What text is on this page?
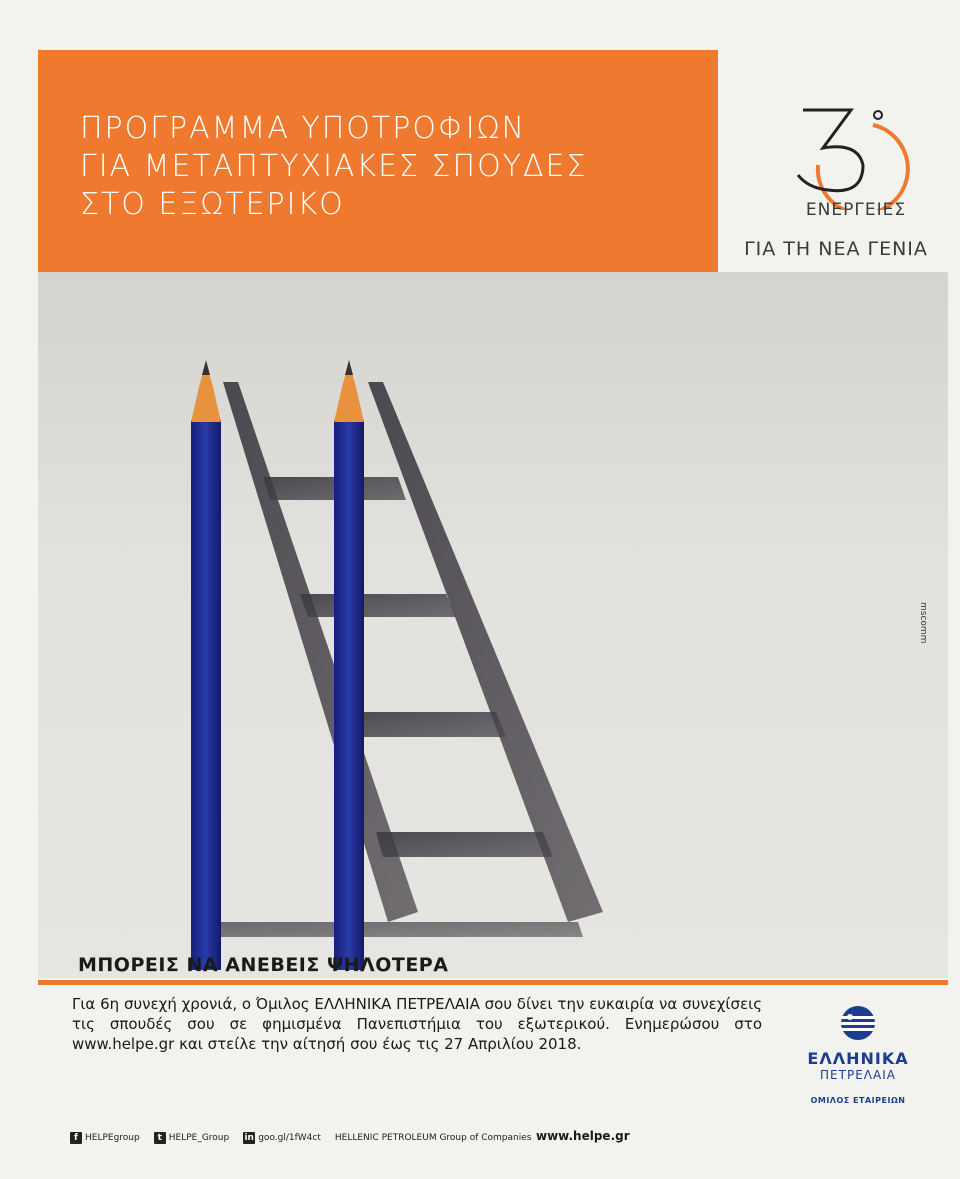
ΠΡΟΓΡΑΜΜΑ ΥΠΟΤΡΟΦΙΩΝ
ΓΙΑ ΜΕΤΑΠΤΥΧΙΑΚΕΣ ΣΠΟΥΔΕΣ
ΣΤΟ ΕΞΩΤΕΡΙΚΟ	ΕΝΕΡΓΕΙΕΣ
ΓΙΑ ΤΗ ΝΕΑ ΓΕΝΙΑ
mscomm
ΜΠΟΡΕΙΣ ΝΑ ΑΝΕΒΕΙΣ ΨΗΛΟΤΕΡΑ
Για 6η συνεχή χρονιά, ο Όμιλος ΕΛΛΗΝΙΚΑ ΠΕΤΡΕΛΑΙΑ σου δίνει την ευκαιρία να συνεχίσεις τις σπουδές σου σε φημισμένα Πανεπιστήμια του εξωτερικού. Ενημερώσου στο www.helpe.gr και στείλε την αίτησή σου έως τις 27 Απριλίου 2018.
ΕΛΛΗΝΙΚΑ
ΠΕΤΡΕΛΑΙΑ
ΟΜΙΛΟΣ ΕΤΑΙΡΕΙΩΝ
f HELPEgroup	t HELPE_Group in goo.gl/1fW4ct HELLENIC PETROLEUM Group of Companies www.helpe.gr
